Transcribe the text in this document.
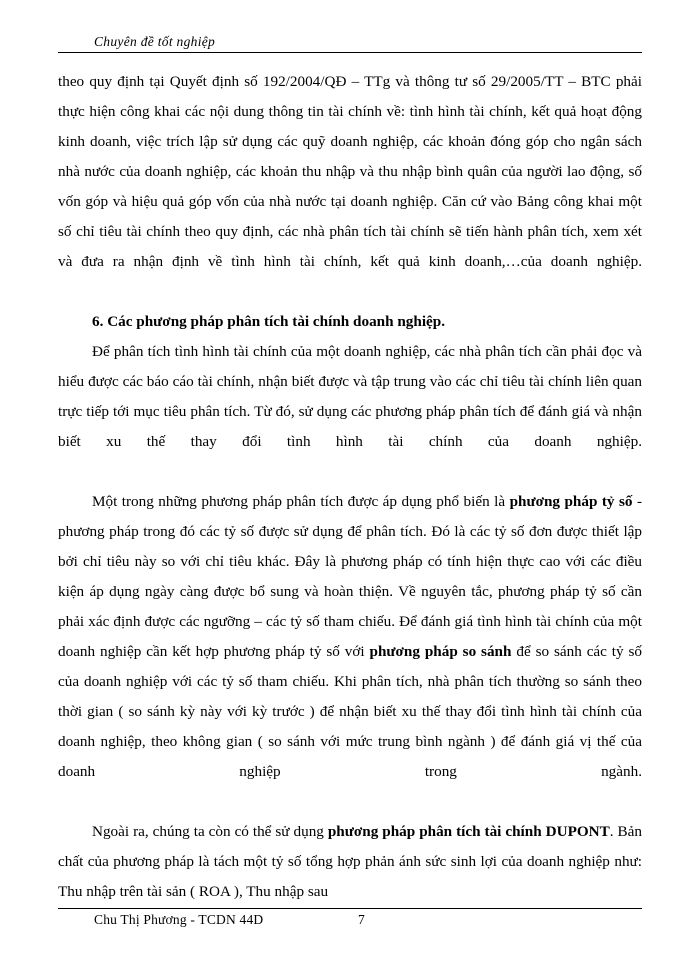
Chuyên đề tốt nghiệp

theo quy định tại Quyết định số 192/2004/QĐ – TTg và thông tư số 29/2005/TT – BTC phải thực hiện công khai các nội dung thông tin tài chính về: tình hình tài chính, kết quả hoạt động kinh doanh, việc trích lập sử dụng các quỹ doanh nghiệp, các khoản đóng góp cho ngân sách nhà nước của doanh nghiệp, các khoản thu nhập và thu nhập bình quân của người lao động, số vốn góp và hiệu quả góp vốn của nhà nước tại doanh nghiệp. Căn cứ vào Bảng công khai một số chỉ tiêu tài chính theo quy định, các nhà phân tích tài chính sẽ tiến hành phân tích, xem xét và đưa ra nhận định về tình hình tài chính, kết quả kinh doanh,…của doanh nghiệp.

6. Các phương pháp phân tích tài chính doanh nghiệp.

Để phân tích tình hình tài chính của một doanh nghiệp, các nhà phân tích cần phải đọc và hiểu được các báo cáo tài chính, nhận biết được và tập trung vào các chỉ tiêu tài chính liên quan trực tiếp tới mục tiêu phân tích. Từ đó, sử dụng các phương pháp phân tích để đánh giá và nhận biết xu thế thay đổi tình hình tài chính của doanh nghiệp.

Một trong những phương pháp phân tích được áp dụng phổ biến là phương pháp tỷ số - phương pháp trong đó các tỷ số được sử dụng để phân tích. Đó là các tỷ số đơn được thiết lập bởi chỉ tiêu này so với chỉ tiêu khác. Đây là phương pháp có tính hiện thực cao với các điều kiện áp dụng ngày càng được bổ sung và hoàn thiện. Về nguyên tắc, phương pháp tỷ số cần phải xác định được các ngưỡng – các tỷ số tham chiếu. Để đánh giá tình hình tài chính của một doanh nghiệp cần kết hợp phương pháp tỷ số với phương pháp so sánh để so sánh các tỷ số của doanh nghiệp với các tỷ số tham chiếu. Khi phân tích, nhà phân tích thường so sánh theo thời gian ( so sánh kỳ này với kỳ trước ) để nhận biết xu thế thay đổi tình hình tài chính của doanh nghiệp, theo không gian ( so sánh với mức trung bình ngành ) để đánh giá vị thế của doanh nghiệp trong ngành.

Ngoài ra, chúng ta còn có thể sử dụng phương pháp phân tích tài chính DUPONT. Bản chất của phương pháp là tách một tỷ số tổng hợp phản ánh sức sinh lợi của doanh nghiệp như: Thu nhập trên tài sản ( ROA ), Thu nhập sau

Chu Thị Phương - TCDN 44D	7
